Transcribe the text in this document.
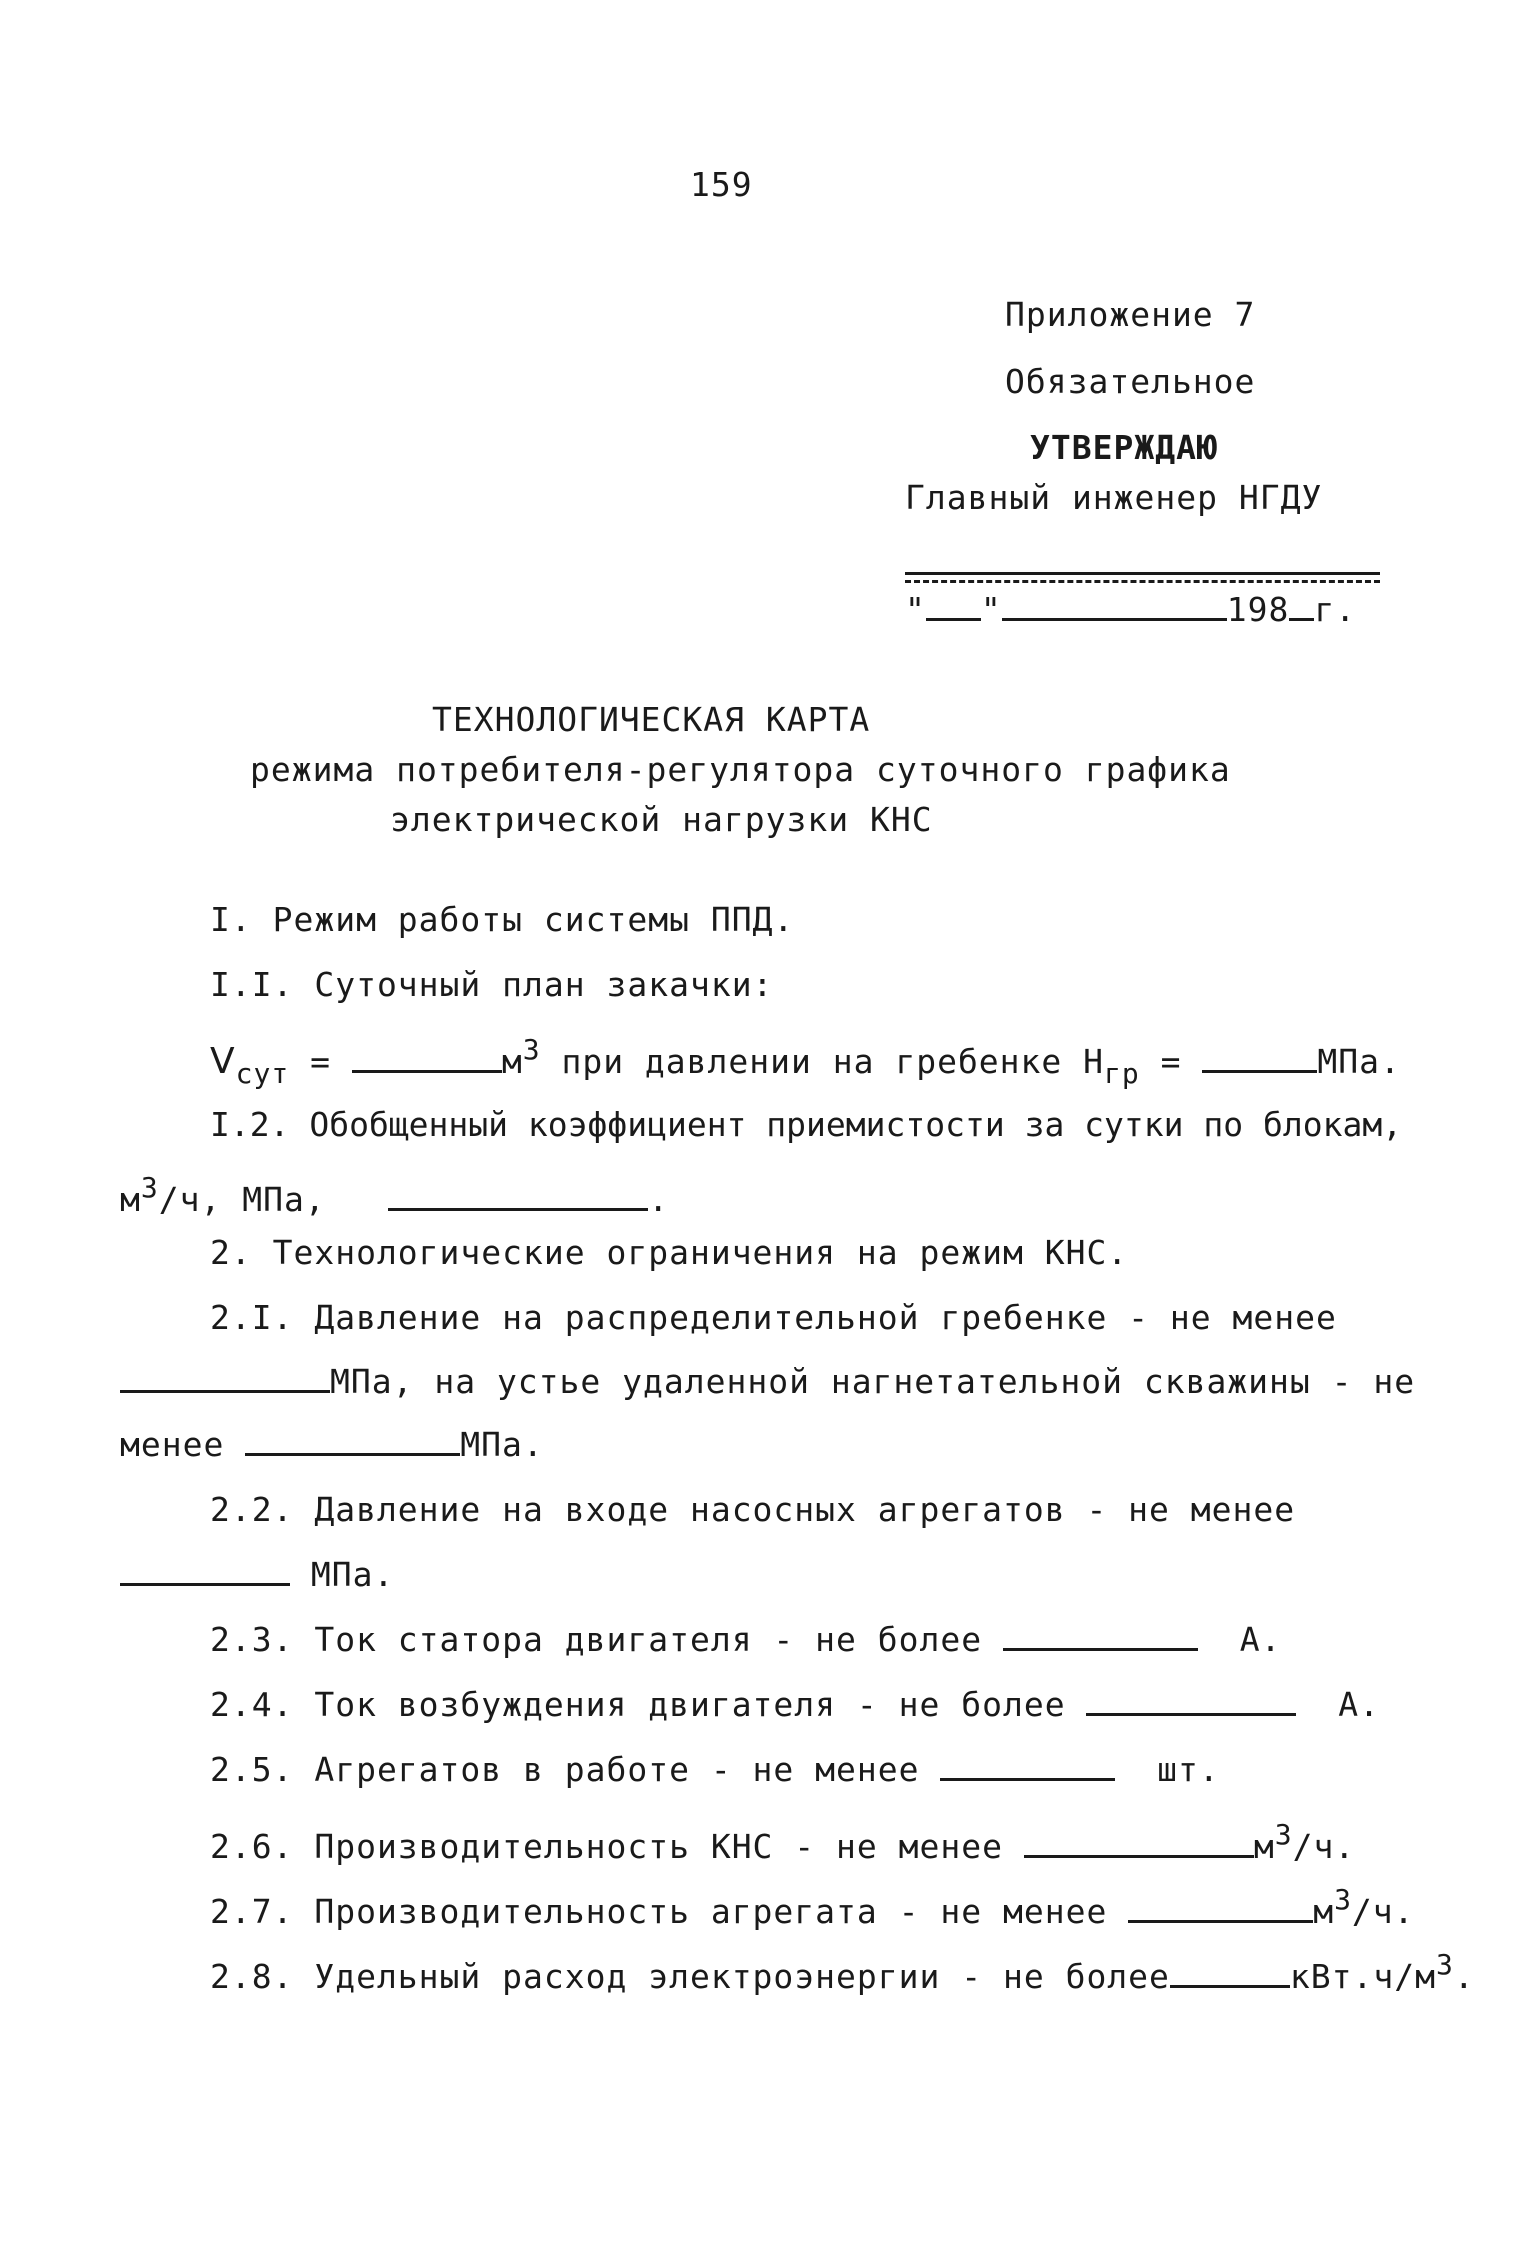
159
Приложение 7
Обязательное
УТВЕРЖДАЮ
Главный инженер НГДУ
" "	198 г.
ТЕХНОЛОГИЧЕСКАЯ КАРТА
режима потребителя-регулятора суточного графика
электрической нагрузки КНС
I. Режим работы системы ППД.
I.I. Суточный план закачки:
$V_{сут}$ =	$м^3$ при давлении на гребенке $Н_{гр}$ =	МПа.
I.2. Обобщенный коэффициент приемистости за сутки по блокам,
$м^3/ч$, МПа,	.
2. Технологические ограничения на режим КНС.
2.I. Давление на распределительной гребенке - не менее
МПа, на устье удаленной нагнетательной скважины - не
менее	МПа.
2.2. Давление на входе насосных агрегатов - не менее
МПа.
2.3. Ток статора двигателя - не более	А.
2.4. Ток возбуждения двигателя - не более	А.
2.5. Агрегатов в работе - не менее	шт.
2.6. Производительность КНС - не менее	$м^3/ч$.
2.7. Производительность агрегата - не менее	$м^3/ч$.
2.8. Удельный расход электроэнергии - не более	$кВт.ч/м^3$.
